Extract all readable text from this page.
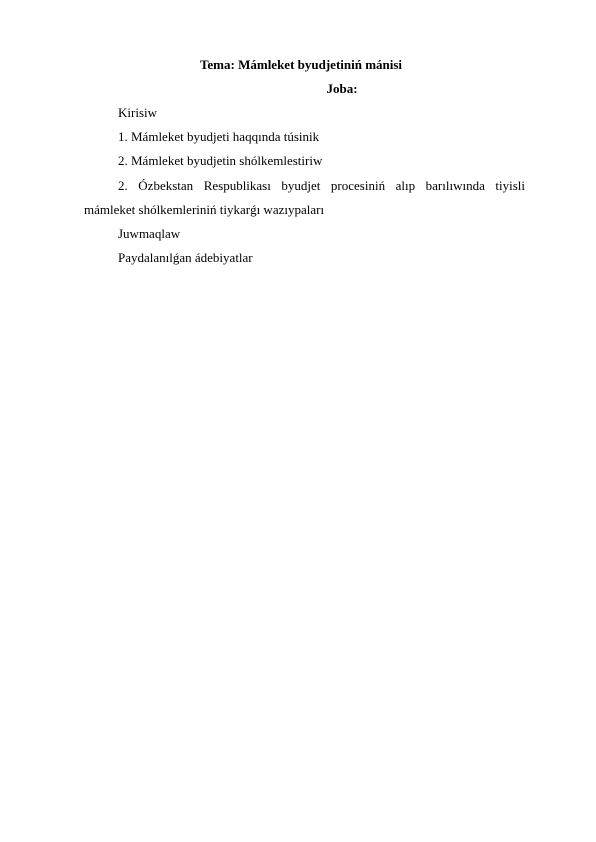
Tema: Mámleket byudjetiniń mánisi
Joba:
Kirisiw
1. Mámleket byudjeti haqqında túsinik
2. Mámleket byudjetin shólkemlestiriw
2. Ózbekstan Respublikası byudjet procesiniń alıp barılıwında tiyisli
mámleket shólkemleriniń tiykarǵı wazıypaları
Juwmaqlaw
Paydalanılǵan ádebiyatlar
